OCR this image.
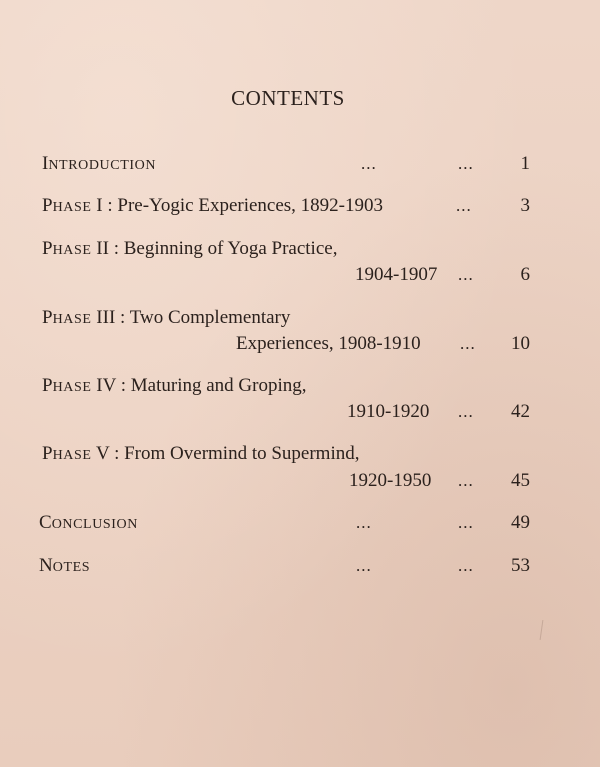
CONTENTS
INTRODUCTION	...	...	1
PHASE I : Pre-Yogic Experiences, 1892-1903	...	3
PHASE II : Beginning of Yoga Practice,
1904-1907 ...	6
PHASE III : Two Complementary
Experiences, 1908-1910 ...	10
PHASE IV : Maturing and Groping,
1910-1920 ...	42
PHASE V : From Overmind to Supermind,
1920-1950 ...	45
CONCLUSION	...	...	49
NOTES	...	...	53
